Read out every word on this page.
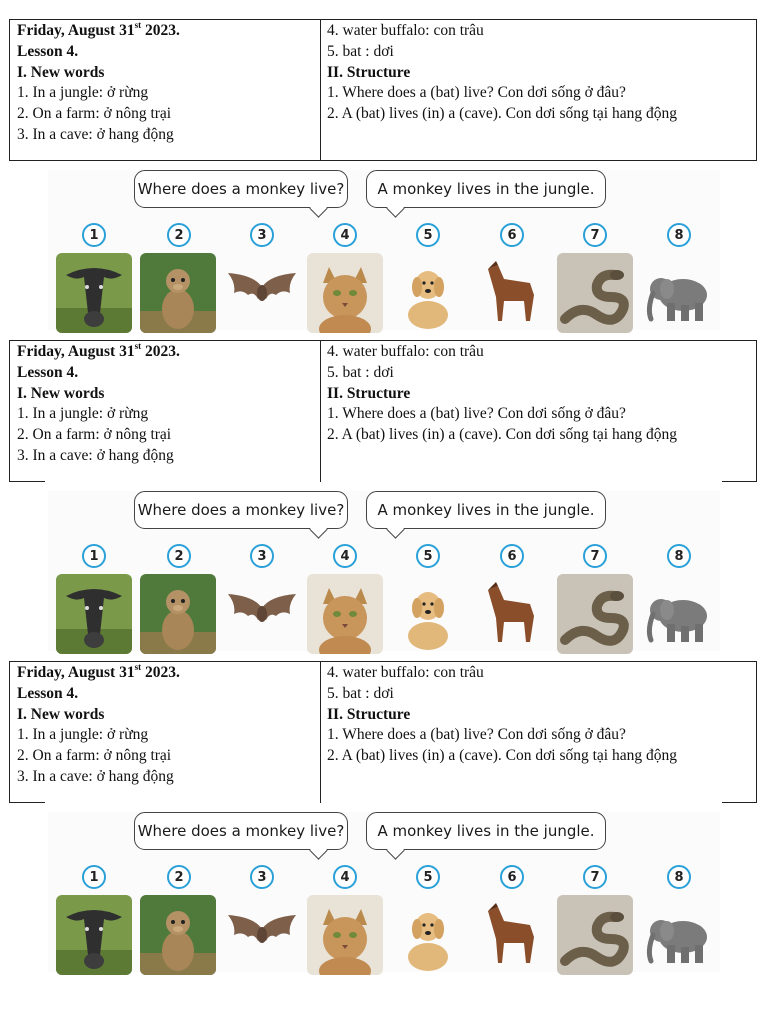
Friday, August 31st 2023.
Lesson 4.
I. New words
1. In a jungle: ở rừng
2. On a farm: ở nông trại
3. In a cave: ở hang động
4. water buffalo: con trâu
5. bat : dơi
II. Structure
1. Where does a (bat) live? Con dơi sống ở đâu?
2. A (bat) lives (in) a (cave). Con dơi sống tại hang động
Where does a monkey live? A monkey lives in the jungle.
1	2	3	4	5	6	7	8
Friday, August 31st 2023.
Lesson 4.
I. New words
1. In a jungle: ở rừng
2. On a farm: ở nông trại
3. In a cave: ở hang động
4. water buffalo: con trâu
5. bat : dơi
II. Structure
1. Where does a (bat) live? Con dơi sống ở đâu?
2. A (bat) lives (in) a (cave). Con dơi sống tại hang động
Where does a monkey live? A monkey lives in the jungle.
1	2	3	4	5	6	7	8
Friday, August 31st 2023.
Lesson 4.
I. New words
1. In a jungle: ở rừng
2. On a farm: ở nông trại
3. In a cave: ở hang động
4. water buffalo: con trâu
5. bat : dơi
II. Structure
1. Where does a (bat) live? Con dơi sống ở đâu?
2. A (bat) lives (in) a (cave). Con dơi sống tại hang động
Where does a monkey live? A monkey lives in the jungle.
1	2	3	4	5	6	7	8
